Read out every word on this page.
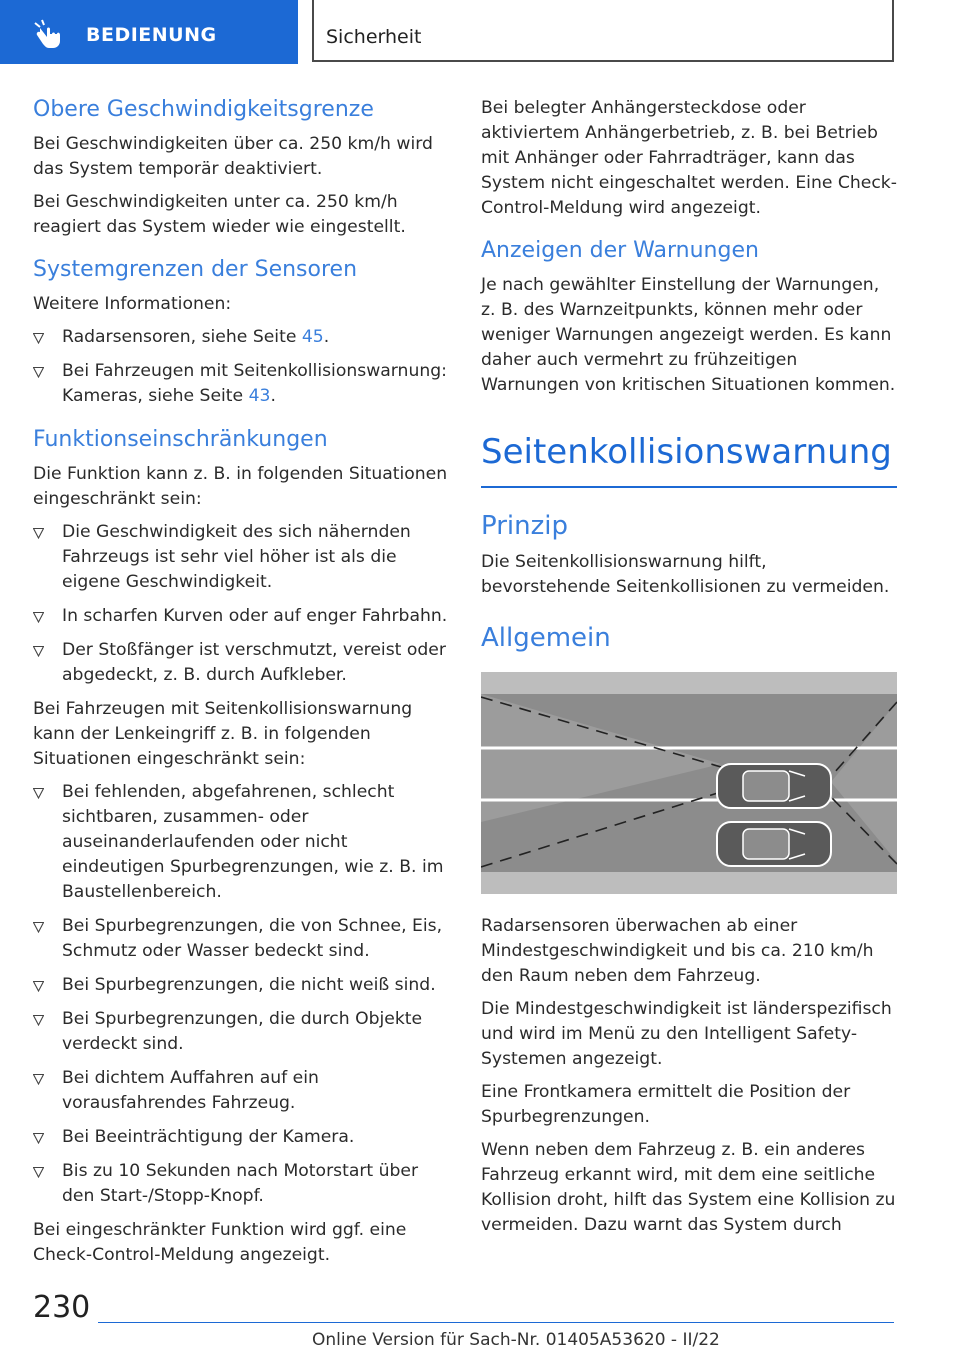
BEDIENUNG	Sicherheit
Obere Geschwindigkeitsgrenze

Bei Geschwindigkeiten über ca. 250 km/h wird das System temporär deaktiviert.

Bei Geschwindigkeiten unter ca. 250 km/h reagiert das System wieder wie eingestellt.

Systemgrenzen der Sensoren

Weitere Informationen:

Radarsensoren, siehe Seite 45.
Bei Fahrzeugen mit Seitenkollisionswarnung: Kameras, siehe Seite 43.
Funktionseinschränkungen

Die Funktion kann z. B. in folgenden Situationen eingeschränkt sein:

Die Geschwindigkeit des sich nähernden Fahrzeugs ist sehr viel höher ist als die eigene Geschwindigkeit.
In scharfen Kurven oder auf enger Fahrbahn.
Der Stoßfänger ist verschmutzt, vereist oder abgedeckt, z. B. durch Aufkleber.

Bei Fahrzeugen mit Seitenkollisionswarnung kann der Lenkeingriff z. B. in folgenden Situationen eingeschränkt sein:

Bei fehlenden, abgefahrenen, schlecht sichtbaren, zusammen- oder auseinanderlaufenden oder nicht eindeutigen Spurbegrenzungen, wie z. B. im Baustellenbereich.
Bei Spurbegrenzungen, die von Schnee, Eis, Schmutz oder Wasser bedeckt sind.
Bei Spurbegrenzungen, die nicht weiß sind.
Bei Spurbegrenzungen, die durch Objekte verdeckt sind.
Bei dichtem Auffahren auf ein vorausfahrendes Fahrzeug.
Bei Beeinträchtigung der Kamera.
Bis zu 10 Sekunden nach Motorstart über den Start-/Stopp-Knopf.

Bei eingeschränkter Funktion wird ggf. eine Check-Control-Meldung angezeigt.

Bei belegter Anhängersteckdose oder aktiviertem Anhängerbetrieb, z. B. bei Betrieb mit Anhänger oder Fahrradträger, kann das System nicht eingeschaltet werden. Eine Check-Control-Meldung wird angezeigt.

Anzeigen der Warnungen

Je nach gewählter Einstellung der Warnungen, z. B. des Warnzeitpunkts, können mehr oder weniger Warnungen angezeigt werden. Es kann daher auch vermehrt zu frühzeitigen Warnungen von kritischen Situationen kommen.

Seitenkollisionswarnung
Prinzip

Die Seitenkollisionswarnung hilft, bevorstehende Seitenkollisionen zu vermeiden.

Allgemein

Radarsensoren überwachen ab einer Mindestgeschwindigkeit und bis ca. 210 km/h den Raum neben dem Fahrzeug.

Die Mindestgeschwindigkeit ist länderspezifisch und wird im Menü zu den Intelligent Safety-Systemen angezeigt.

Eine Frontkamera ermittelt die Position der Spurbegrenzungen.

Wenn neben dem Fahrzeug z. B. ein anderes Fahrzeug erkannt wird, mit dem eine seitliche Kollision droht, hilft das System eine Kollision zu vermeiden. Dazu warnt das System durch

230
Online Version für Sach-Nr. 01405A53620 - II/22
